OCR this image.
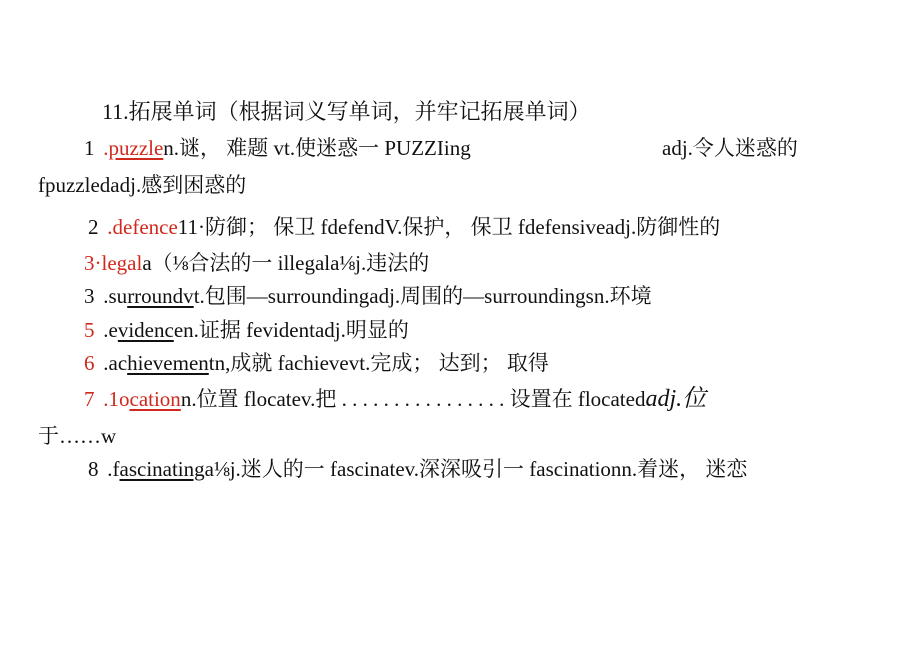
11.拓展单词（根据词义写单词，并牢记拓展单词）
1 .puzzlen.谜， 难题 vt.使迷惑一 PUZZIing	adj.令人迷惑的
fpuzzledadj.感到困惑的
2 .defence11·防御； 保卫 fdefendV.保护， 保卫 fdefensiveadj.防御性的
3·legala（⅛合法的一 illegala⅛j.违法的
3 .surroundvt.包围—surroundingadj.周围的—surroundingsn.环境
5 .evidencen.证据 fevidentadj.明显的
6 .achievementn,成就 fachievevt.完成； 达到； 取得
7 .1ocationn.位置 flocatev.把 . . . . . . . . . . . . . . . . 设置在 flocatedadj.位
于……w
8 .fascinatinga⅛j.迷人的一 fascinatev.深深吸引一 fascinationn.着迷， 迷恋
